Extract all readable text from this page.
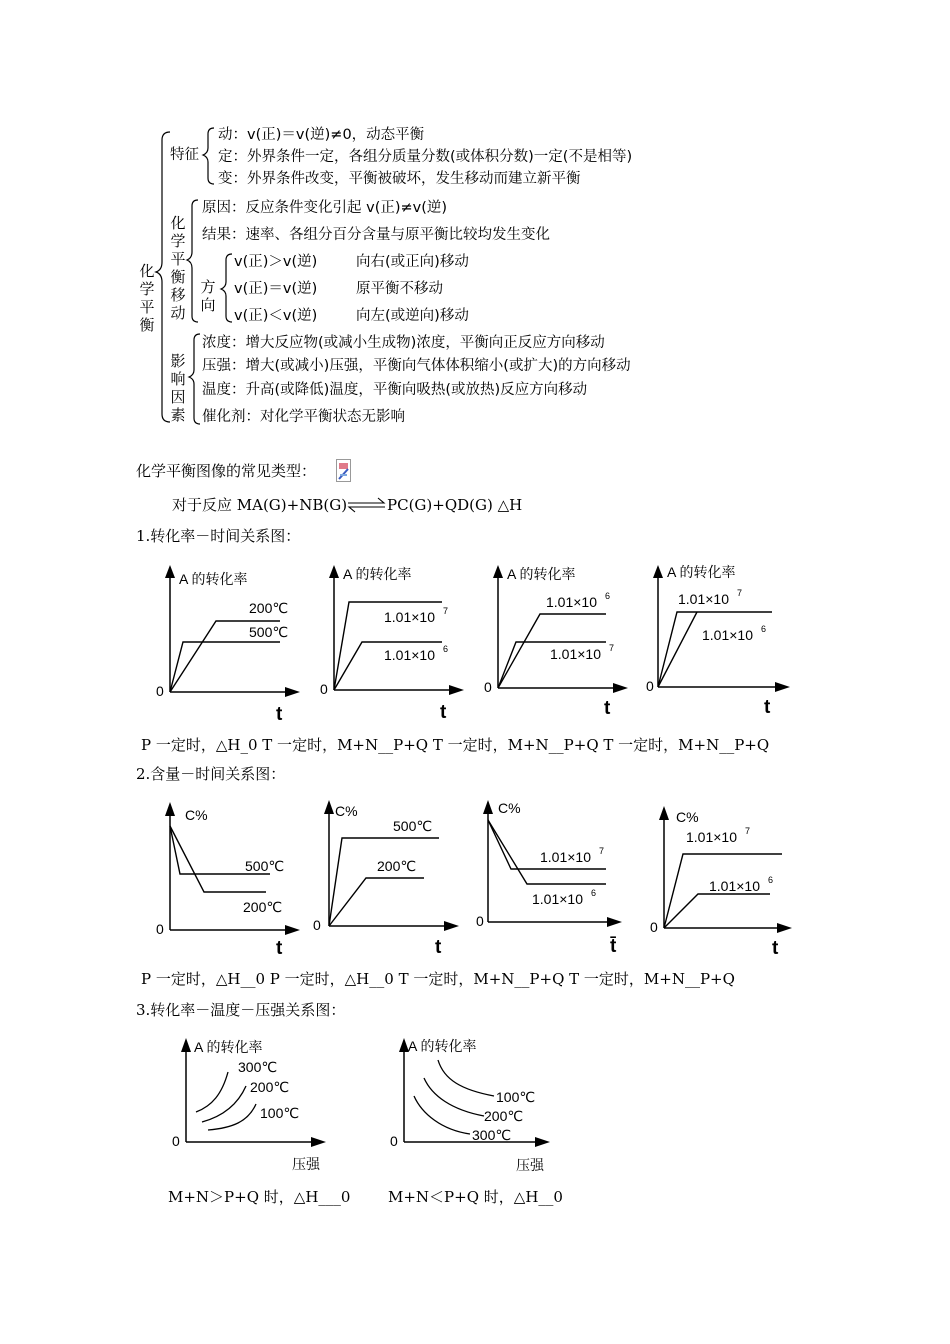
化学平衡
特征
动：v(正)＝v(逆)≠0，动态平衡
定：外界条件一定，各组分质量分数(或体积分数)一定(不是相等)
变：外界条件改变，平衡被破坏，发生移动而建立新平衡
化学平衡移动
原因：反应条件变化引起 v(正)≠v(逆)
结果：速率、各组分百分含量与原平衡比较均发生变化
方向
v(正)＞v(逆)	向右(或正向)移动
v(正)＝v(逆)	原平衡不移动
v(正)＜v(逆)	向左(或逆向)移动
影响因素
浓度：增大反应物(或减小生成物)浓度，平衡向正反应方向移动
压强：增大(或减小)压强，平衡向气体体积缩小(或扩大)的方向移动
温度：升高(或降低)温度，平衡向吸热(或放热)反应方向移动
催化剂：对化学平衡状态无影响
化学平衡图像的常见类型：
对于反应 MA(G)+NB(G) ⇌ PC(G)+QD(G) △H
1.转化率－时间关系图：
A 的转化率
0
t
200℃
500℃
A 的转化率
0
t
1.01×10 7
1.01×10 6
A 的转化率
0
t
1.01×10 6
1.01×10 7
A 的转化率
0
t
1.01×10 7
1.01×10 6
P 一定时，△H_0 T 一定时，M+N__P+Q T 一定时，M+N__P+Q T 一定时，M+N__P+Q
2.含量－时间关系图：
C%
0
t
500℃
200℃
C%
0
t
500℃
200℃
C%
0
t̄
1.01×10 7
1.01×10 6
C%
0
t
1.01×10 7
1.01×10 6
P 一定时，△H__0 P 一定时，△H__0 T 一定时，M+N__P+Q T 一定时，M+N__P+Q
3.转化率－温度－压强关系图：
A 的转化率
0
压强
300℃
200℃
100℃
A 的转化率
0
压强
100℃
200℃
300℃
M+N＞P+Q 时，△H___0	M+N＜P+Q 时，△H__0
